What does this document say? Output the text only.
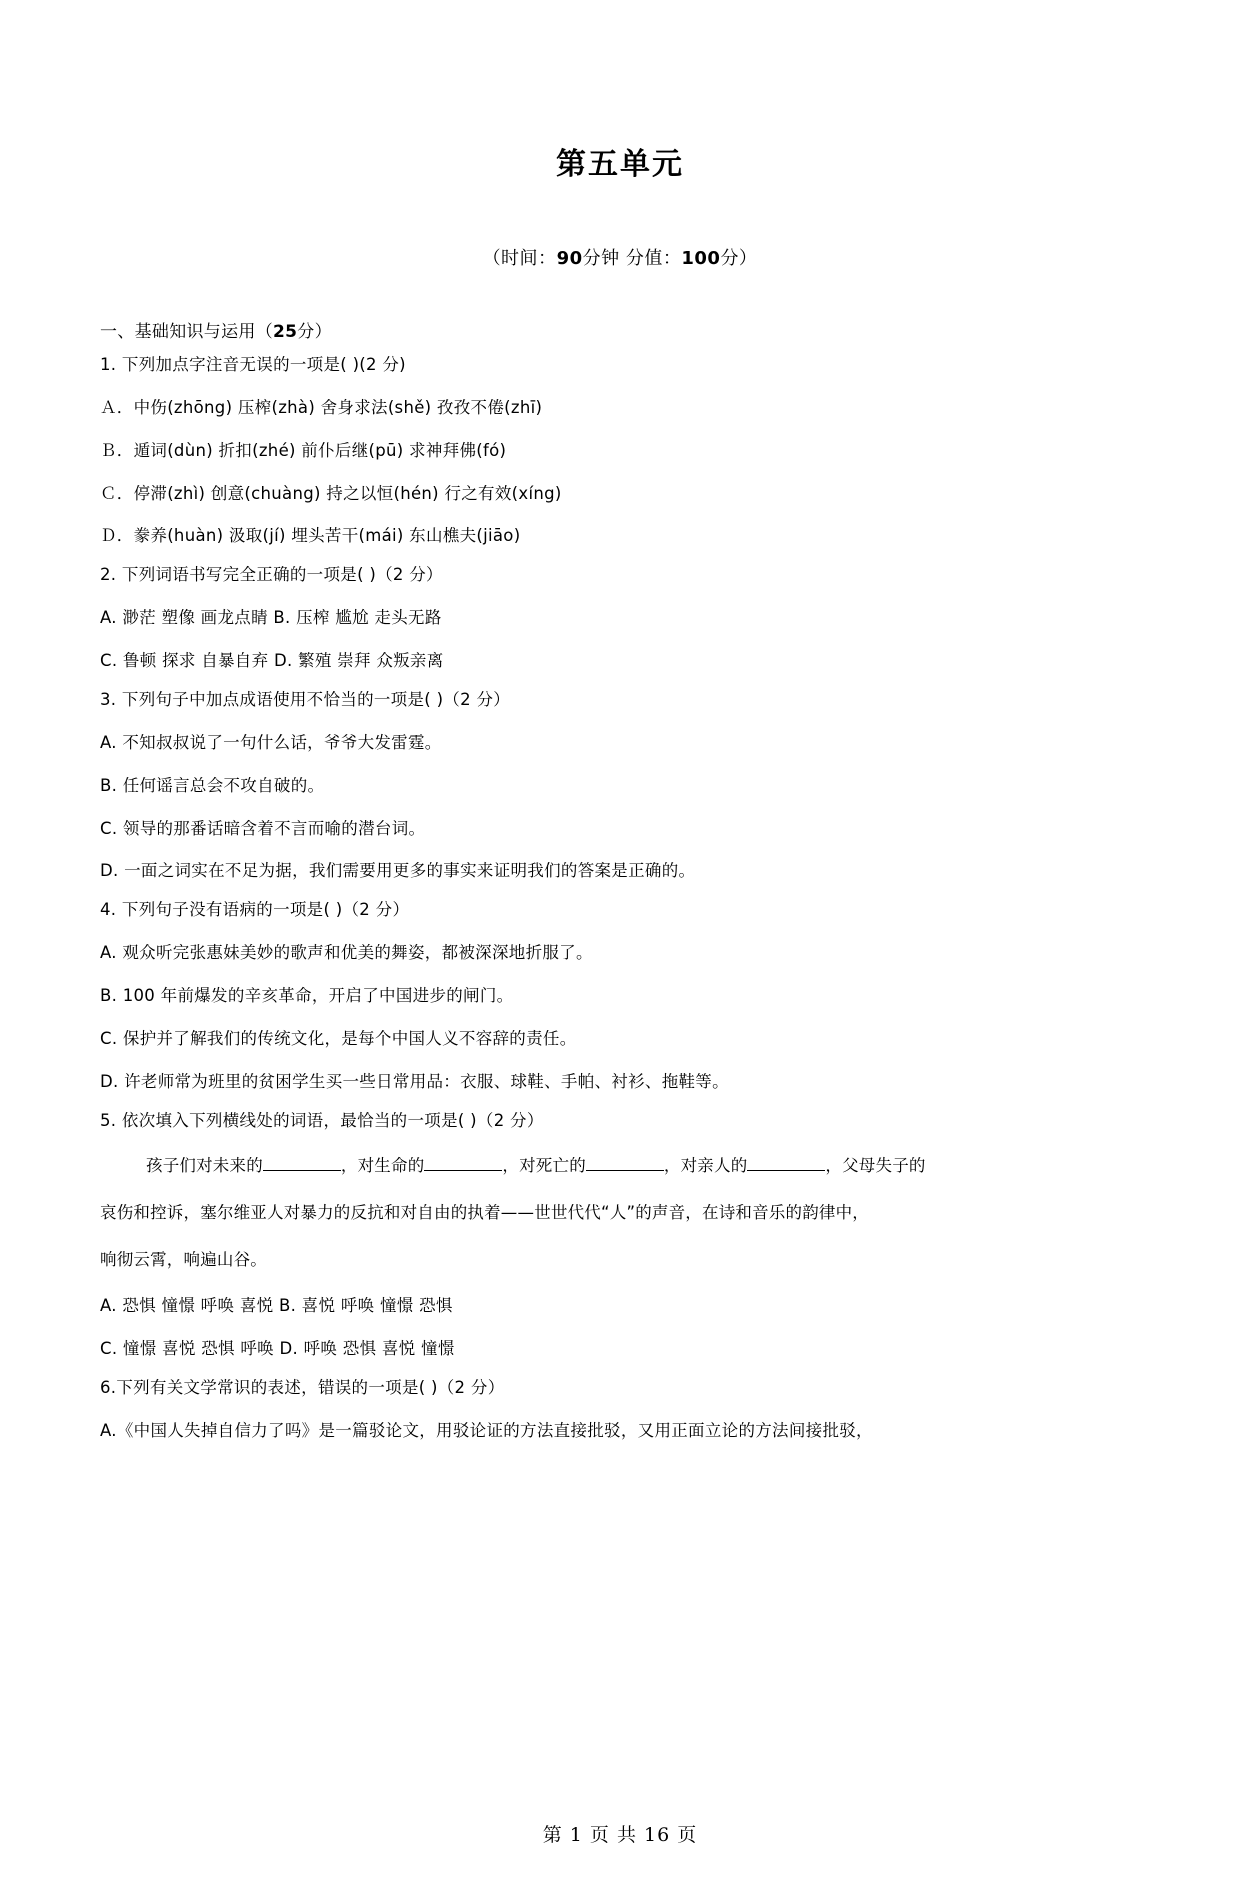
第五单元

（时间：90分钟 分值：100分）

一、基础知识与运用（25分）

1. 下列加点字注音无误的一项是( )(2 分)

Ａ．中伤(zhōng) 压榨(zhà) 舍身求法(shě) 孜孜不倦(zhī)

Ｂ．遁词(dùn) 折扣(zhé) 前仆后继(pū) 求神拜佛(fó)

Ｃ．停滞(zhì) 创意(chuàng) 持之以恒(hén) 行之有效(xíng)

Ｄ．豢养(huàn) 汲取(jí) 埋头苦干(mái) 东山樵夫(jiāo)

2. 下列词语书写完全正确的一项是( )（2 分）

A. 渺茫 塑像 画龙点睛 B. 压榨 尴尬 走头无路

C. 鲁顿 探求 自暴自弃 D. 繁殖 崇拜 众叛亲离

3. 下列句子中加点成语使用不恰当的一项是( )（2 分）

A. 不知叔叔说了一句什么话，爷爷大发雷霆。

B. 任何谣言总会不攻自破的。

C. 领导的那番话暗含着不言而喻的潜台词。

D. 一面之词实在不足为据，我们需要用更多的事实来证明我们的答案是正确的。

4. 下列句子没有语病的一项是( )（2 分）

A. 观众听完张惠妹美妙的歌声和优美的舞姿，都被深深地折服了。

B. 100 年前爆发的辛亥革命，开启了中国进步的闸门。

C. 保护并了解我们的传统文化，是每个中国人义不容辞的责任。

D. 许老师常为班里的贫困学生买一些日常用品：衣服、球鞋、手帕、衬衫、拖鞋等。

5. 依次填入下列横线处的词语，最恰当的一项是( )（2 分）

孩子们对未来的	，对生命的	，对死亡的	，对亲人的	，父母失子的

哀伤和控诉，塞尔维亚人对暴力的反抗和对自由的执着——世世代代“人”的声音，在诗和音乐的韵律中，

响彻云霄，响遍山谷。

A. 恐惧 憧憬 呼唤 喜悦 B. 喜悦 呼唤 憧憬 恐惧

C. 憧憬 喜悦 恐惧 呼唤 D. 呼唤 恐惧 喜悦 憧憬

6.下列有关文学常识的表述，错误的一项是( )（2 分）

A.《中国人失掉自信力了吗》是一篇驳论文，用驳论证的方法直接批驳，又用正面立论的方法间接批驳，

第 1 页 共 16 页
